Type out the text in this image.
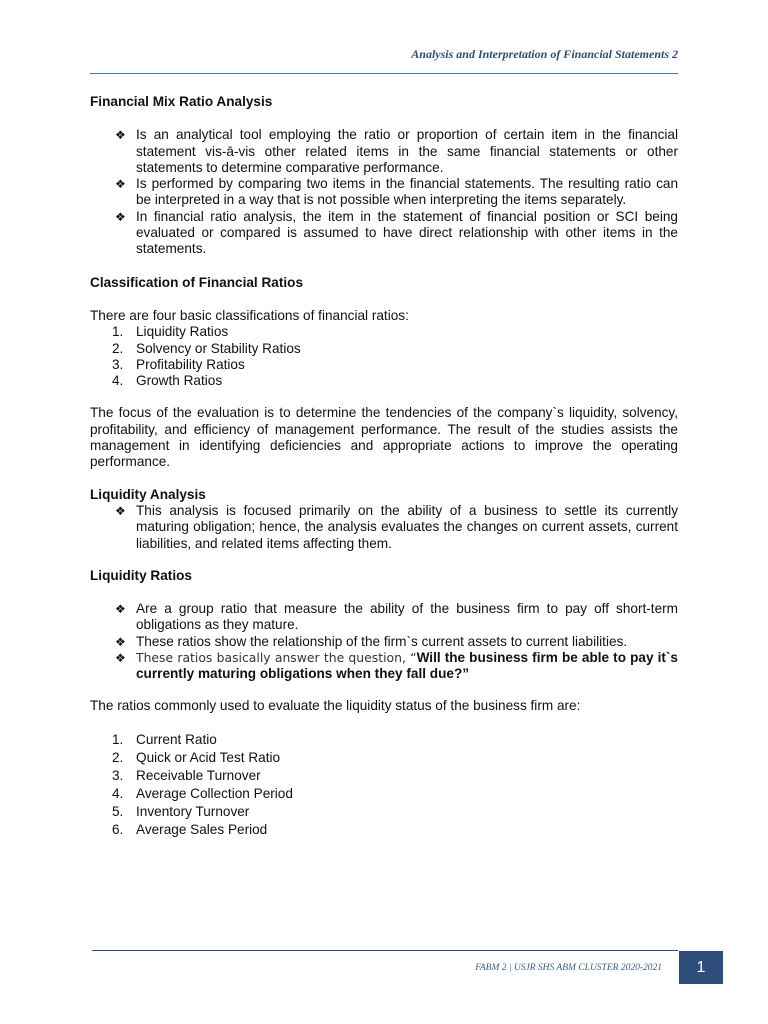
Analysis and Interpretation of Financial Statements 2
Financial Mix Ratio Analysis
❖ Is an analytical tool employing the ratio or proportion of certain item in the financial statement vis-ā-vis other related items in the same financial statements or other statements to determine comparative performance.
❖ Is performed by comparing two items in the financial statements. The resulting ratio can be interpreted in a way that is not possible when interpreting the items separately.
❖ In financial ratio analysis, the item in the statement of financial position or SCI being evaluated or compared is assumed to have direct relationship with other items in the statements.
Classification of Financial Ratios

There are four basic classifications of financial ratios:

1. Liquidity Ratios
2. Solvency or Stability Ratios
3. Profitability Ratios
4. Growth Ratios

The focus of the evaluation is to determine the tendencies of the company`s liquidity, solvency, profitability, and efficiency of management performance. The result of the studies assists the management in identifying deficiencies and appropriate actions to improve the operating performance.

Liquidity Analysis
❖ This analysis is focused primarily on the ability of a business to settle its currently maturing obligation; hence, the analysis evaluates the changes on current assets, current liabilities, and related items affecting them.
Liquidity Ratios
❖ Are a group ratio that measure the ability of the business firm to pay off short-term obligations as they mature.
❖ These ratios show the relationship of the firm`s current assets to current liabilities.
❖ These ratios basically answer the question, “Will the business firm be able to pay it`s currently maturing obligations when they fall due?”

The ratios commonly used to evaluate the liquidity status of the business firm are:

1. Current Ratio
2. Quick or Acid Test Ratio
3. Receivable Turnover
4. Average Collection Period
5. Inventory Turnover
6. Average Sales Period
FABM 2 | USJR SHS ABM CLUSTER 2020-2021	1
